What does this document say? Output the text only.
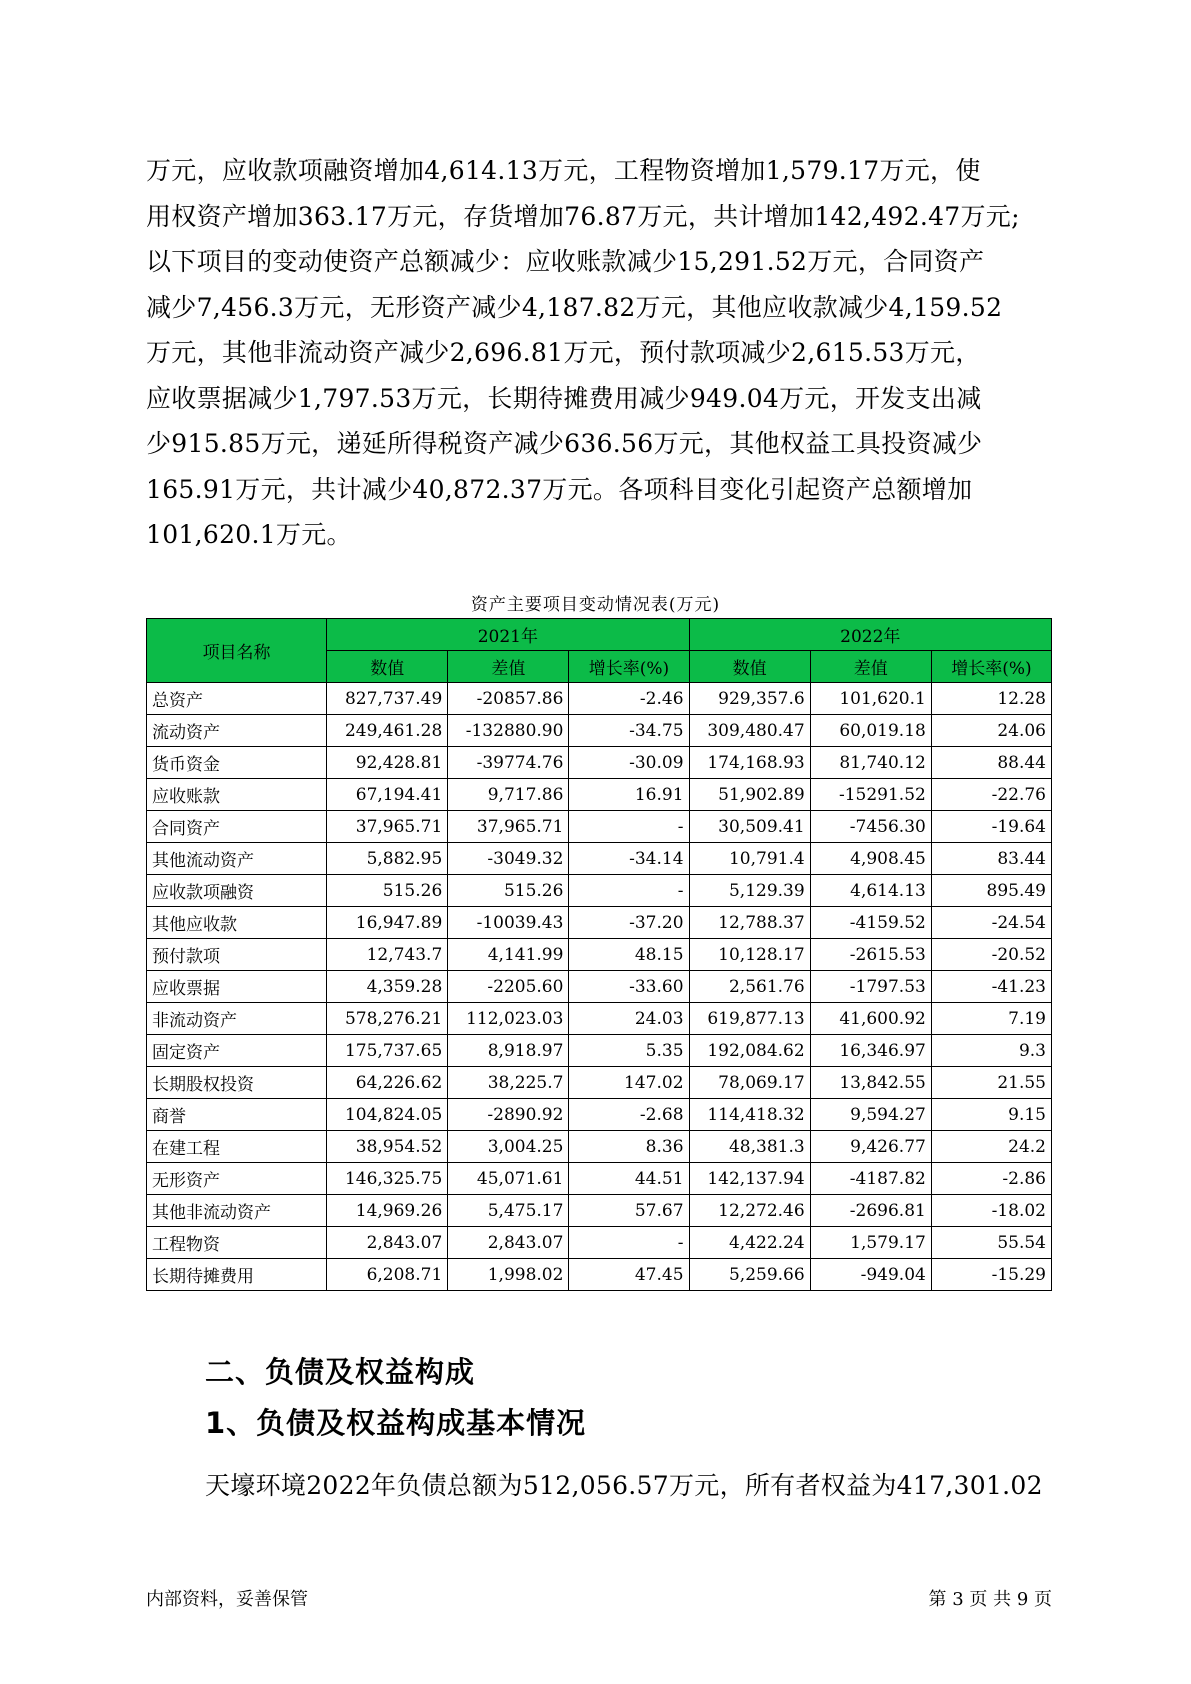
万元，应收款项融资增加4,614.13万元，工程物资增加1,579.17万元，使
用权资产增加363.17万元，存货增加76.87万元，共计增加142,492.47万元;
以下项目的变动使资产总额减少：应收账款减少15,291.52万元，合同资产
减少7,456.3万元，无形资产减少4,187.82万元，其他应收款减少4,159.52
万元，其他非流动资产减少2,696.81万元，预付款项减少2,615.53万元，
应收票据减少1,797.53万元，长期待摊费用减少949.04万元，开发支出减
少915.85万元，递延所得税资产减少636.56万元，其他权益工具投资减少
165.91万元，共计减少40,872.37万元。各项科目变化引起资产总额增加
101,620.1万元。

资产主要项目变动情况表(万元)
项目名称	2021年			2022年		
	数值	差值	增长率(%)	数值	差值	增长率(%)
总资产	827,737.49	-20857.86	-2.46	929,357.6	101,620.1	12.28
流动资产	249,461.28	-132880.90	-34.75	309,480.47	60,019.18	24.06
货币资金	92,428.81	-39774.76	-30.09	174,168.93	81,740.12	88.44
应收账款	67,194.41	9,717.86	16.91	51,902.89	-15291.52	-22.76
合同资产	37,965.71	37,965.71	-	30,509.41	-7456.30	-19.64
其他流动资产	5,882.95	-3049.32	-34.14	10,791.4	4,908.45	83.44
应收款项融资	515.26	515.26	-	5,129.39	4,614.13	895.49
其他应收款	16,947.89	-10039.43	-37.20	12,788.37	-4159.52	-24.54
预付款项	12,743.7	4,141.99	48.15	10,128.17	-2615.53	-20.52
应收票据	4,359.28	-2205.60	-33.60	2,561.76	-1797.53	-41.23
非流动资产	578,276.21	112,023.03	24.03	619,877.13	41,600.92	7.19
固定资产	175,737.65	8,918.97	5.35	192,084.62	16,346.97	9.3
长期股权投资	64,226.62	38,225.7	147.02	78,069.17	13,842.55	21.55
商誉	104,824.05	-2890.92	-2.68	114,418.32	9,594.27	9.15
在建工程	38,954.52	3,004.25	8.36	48,381.3	9,426.77	24.2
无形资产	146,325.75	45,071.61	44.51	142,137.94	-4187.82	-2.86
其他非流动资产	14,969.26	5,475.17	57.67	12,272.46	-2696.81	-18.02
工程物资	2,843.07	2,843.07	-	4,422.24	1,579.17	55.54
长期待摊费用	6,208.71	1,998.02	47.45	5,259.66	-949.04	-15.29
二、负债及权益构成
1、负债及权益构成基本情况

天壕环境2022年负债总额为512,056.57万元，所有者权益为417,301.02

内部资料，妥善保管	第 3 页 共 9 页
